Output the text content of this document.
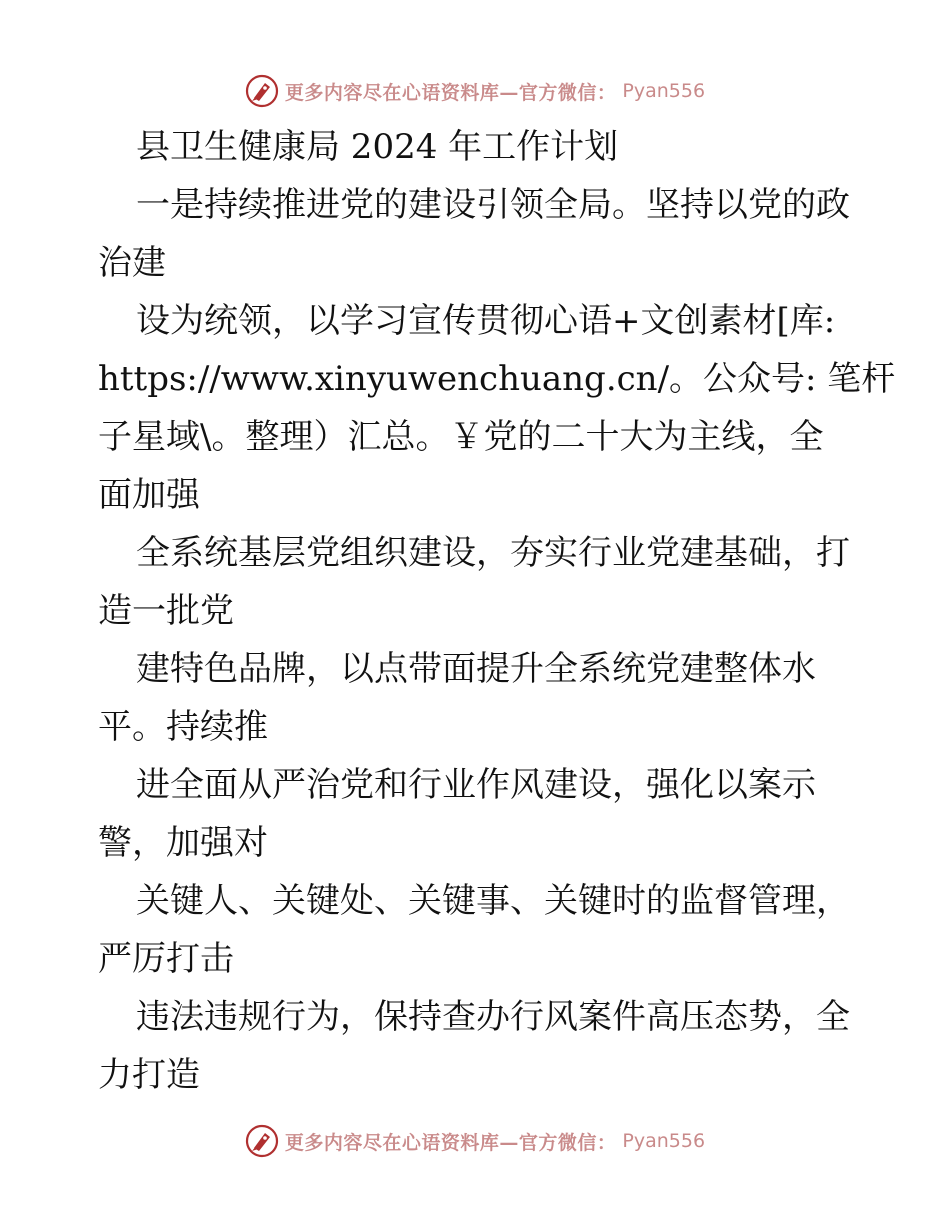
更多内容尽在心语资料库—官方微信： Pyan556
县卫生健康局 2024 年工作计划
一是持续推进党的建设引领全局。坚持以党的政
治建
设为统领，以学习宣传贯彻心语+文创素材[库:
https://www.xinyuwenchuang.cn/。公众号: 笔杆
子星域\。整理）汇总。￥党的二十大为主线，全
面加强
全系统基层党组织建设，夯实行业党建基础，打
造一批党
建特色品牌，以点带面提升全系统党建整体水
平。持续推
进全面从严治党和行业作风建设，强化以案示
警，加强对
关键人、关键处、关键事、关键时的监督管理，
严厉打击
违法违规行为，保持查办行风案件高压态势，全
力打造
更多内容尽在心语资料库—官方微信： Pyan556
